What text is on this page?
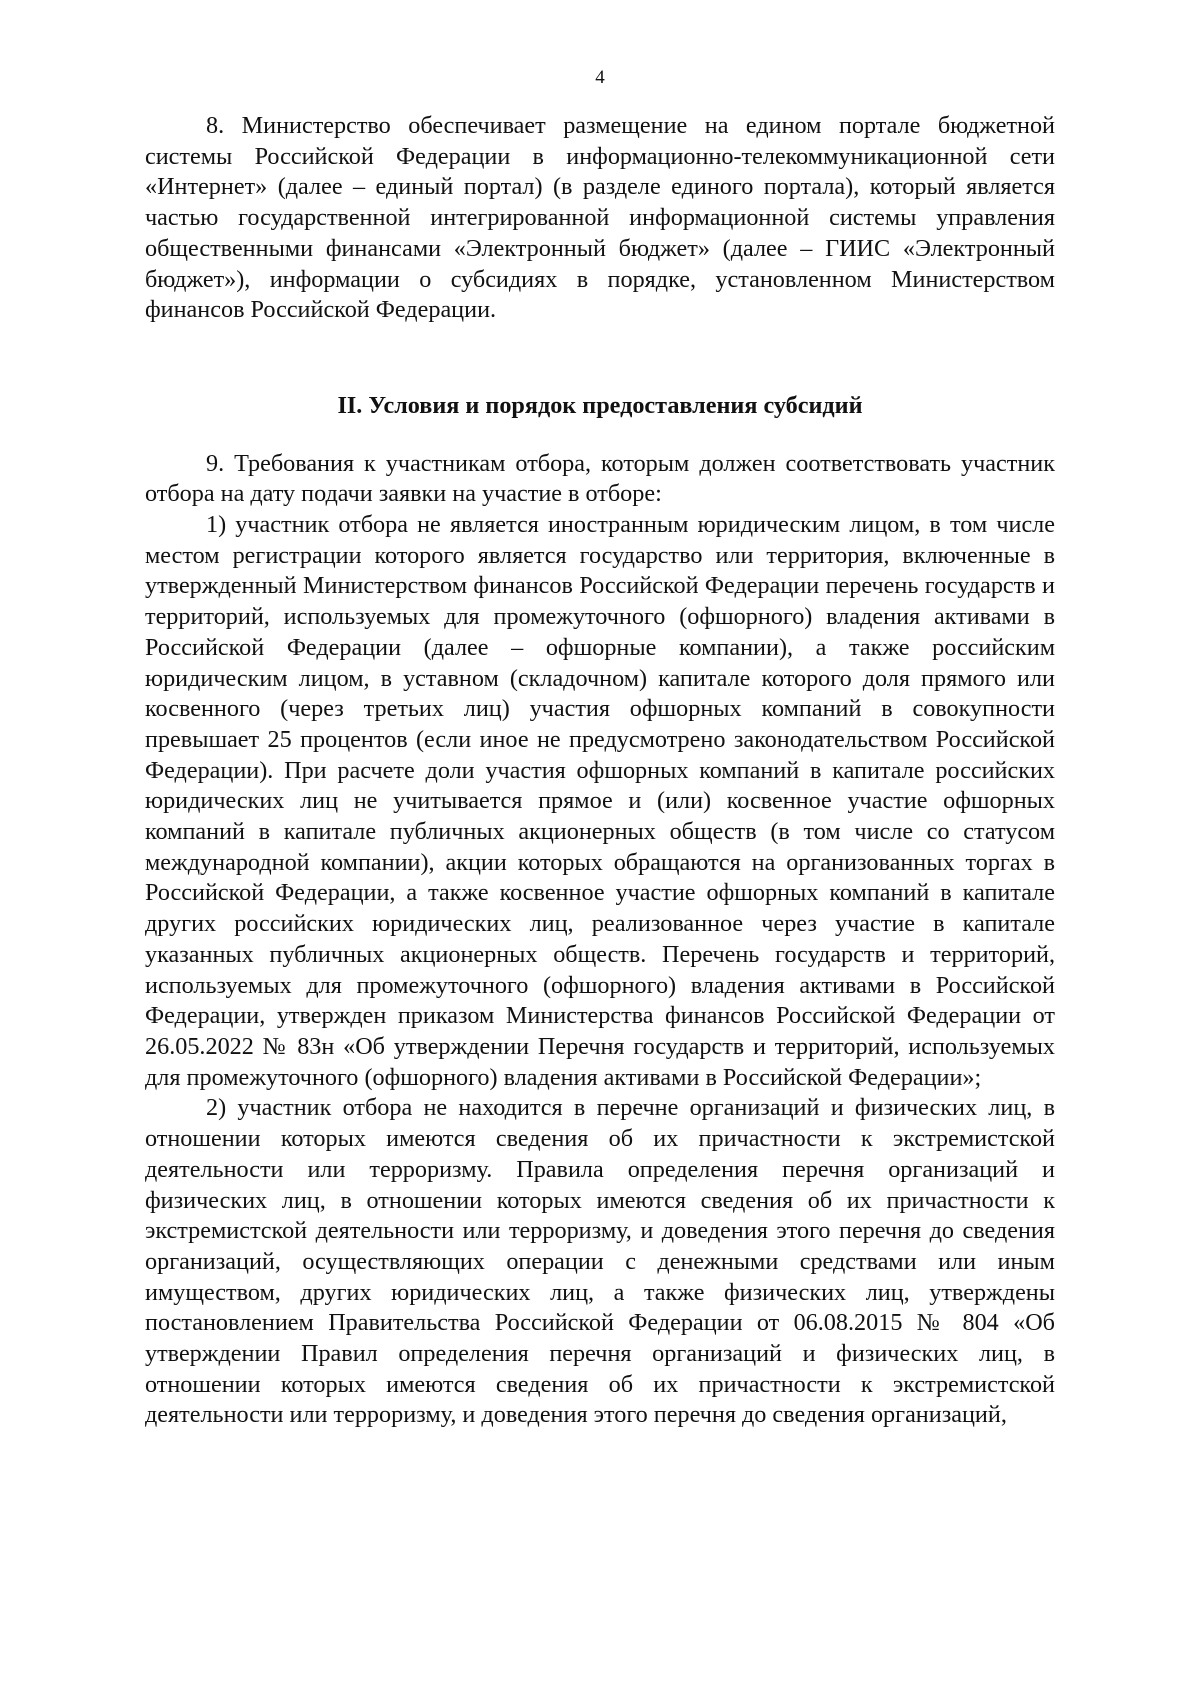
4

8. Министерство обеспечивает размещение на едином портале бюджетной системы Российской Федерации в информационно-телекоммуникационной сети «Интернет» (далее – единый портал) (в разделе единого портала), который является частью государственной интегрированной информационной системы управления общественными финансами «Электронный бюджет» (далее – ГИИС «Электронный бюджет»), информации о субсидиях в порядке, установленном Министерством финансов Российской Федерации.

II. Условия и порядок предоставления субсидий

9. Требования к участникам отбора, которым должен соответствовать участник отбора на дату подачи заявки на участие в отборе:

1) участник отбора не является иностранным юридическим лицом, в том числе местом регистрации которого является государство или территория, включенные в утвержденный Министерством финансов Российской Федерации перечень государств и территорий, используемых для промежуточного (офшорного) владения активами в Российской Федерации (далее – офшорные компании), а также российским юридическим лицом, в уставном (складочном) капитале которого доля прямого или косвенного (через третьих лиц) участия офшорных компаний в совокупности превышает 25 процентов (если иное не предусмотрено законодательством Российской Федерации). При расчете доли участия офшорных компаний в капитале российских юридических лиц не учитывается прямое и (или) косвенное участие офшорных компаний в капитале публичных акционерных обществ (в том числе со статусом международной компании), акции которых обращаются на организованных торгах в Российской Федерации, а также косвенное участие офшорных компаний в капитале других российских юридических лиц, реализованное через участие в капитале указанных публичных акционерных обществ. Перечень государств и территорий, используемых для промежуточного (офшорного) владения активами в Российской Федерации, утвержден приказом Министерства финансов Российской Федерации от 26.05.2022 № 83н «Об утверждении Перечня государств и территорий, используемых для промежуточного (офшорного) владения активами в Российской Федерации»;

2) участник отбора не находится в перечне организаций и физических лиц, в отношении которых имеются сведения об их причастности к экстремистской деятельности или терроризму. Правила определения перечня организаций и физических лиц, в отношении которых имеются сведения об их причастности к экстремистской деятельности или терроризму, и доведения этого перечня до сведения организаций, осуществляющих операции с денежными средствами или иным имуществом, других юридических лиц, а также физических лиц, утверждены постановлением Правительства Российской Федерации от 06.08.2015 № 804 «Об утверждении Правил определения перечня организаций и физических лиц, в отношении которых имеются сведения об их причастности к экстремистской деятельности или терроризму, и доведения этого перечня до сведения организаций,
